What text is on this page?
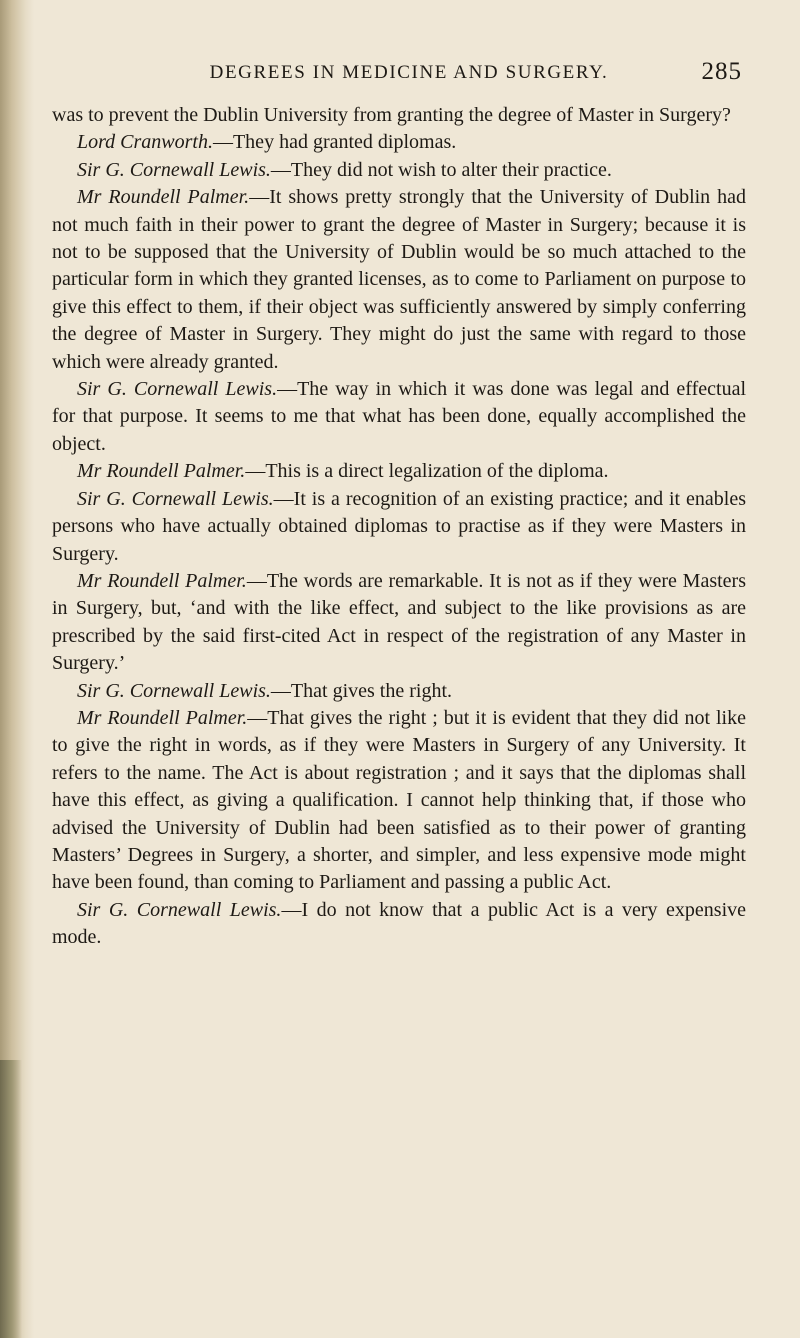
DEGREES IN MEDICINE AND SURGERY.	285

was to prevent the Dublin University from granting the degree of Master in Surgery?

Lord Cranworth.—They had granted diplomas.

Sir G. Cornewall Lewis.—They did not wish to alter their practice.

Mr Roundell Palmer.—It shows pretty strongly that the University of Dublin had not much faith in their power to grant the degree of Master in Surgery; because it is not to be supposed that the University of Dublin would be so much attached to the particular form in which they granted licenses, as to come to Parliament on purpose to give this effect to them, if their object was sufficiently answered by simply conferring the degree of Master in Surgery. They might do just the same with regard to those which were already granted.

Sir G. Cornewall Lewis.—The way in which it was done was legal and effectual for that purpose. It seems to me that what has been done, equally accomplished the object.

Mr Roundell Palmer.—This is a direct legalization of the diploma.

Sir G. Cornewall Lewis.—It is a recognition of an existing practice; and it enables persons who have actually obtained diplomas to practise as if they were Masters in Surgery.

Mr Roundell Palmer.—The words are remarkable. It is not as if they were Masters in Surgery, but, ‘and with the like effect, and subject to the like provisions as are prescribed by the said first-cited Act in respect of the registration of any Master in Surgery.’

Sir G. Cornewall Lewis.—That gives the right.

Mr Roundell Palmer.—That gives the right ; but it is evident that they did not like to give the right in words, as if they were Masters in Surgery of any University. It refers to the name. The Act is about registration ; and it says that the diplomas shall have this effect, as giving a qualification. I cannot help thinking that, if those who advised the University of Dublin had been satisfied as to their power of granting Masters’ Degrees in Surgery, a shorter, and simpler, and less expensive mode might have been found, than coming to Parliament and passing a public Act.

Sir G. Cornewall Lewis.—I do not know that a public Act is a very expensive mode.
